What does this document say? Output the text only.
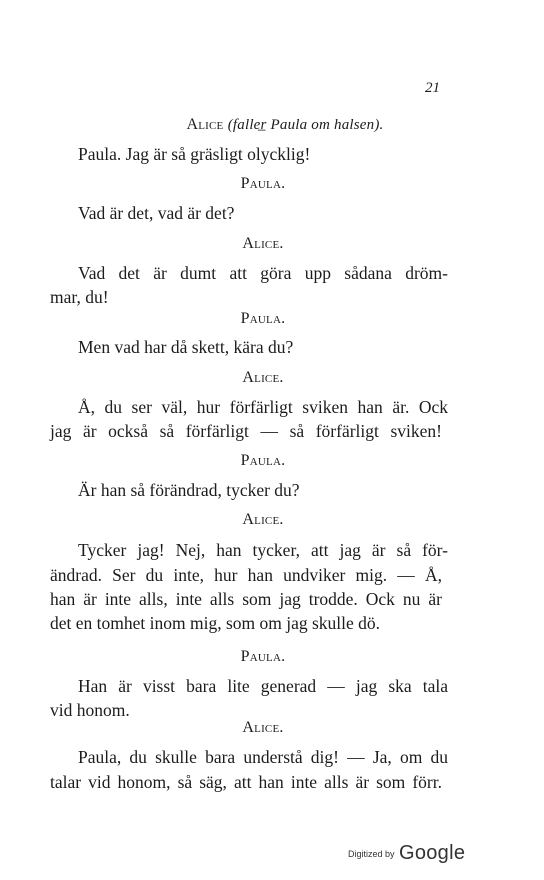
21
Alice (faller̲ Paula om halsen).
Paula. Jag är så gräsligt olycklig!
Paula.
Vad är det, vad är det?
Alice.
Vad det är dumt att göra upp sådana dröm-
mar, du!
Paula.
Men vad har då skett, kära du?
Alice.
Å, du ser väl, hur förfärligt sviken han är. Ock
jag är också så förfärligt — så förfärligt sviken!
Paula.
Är han så förändrad, tycker du?
Alice.
Tycker jag! Nej, han tycker, att jag är så för-
ändrad. Ser du inte, hur han undviker mig. — Å,
han är inte alls, inte alls som jag trodde. Ock nu är
det en tomhet inom mig, som om jag skulle dö.
Paula.
Han är visst bara lite generad — jag ska tala
vid honom.
Alice.
Paula, du skulle bara understå dig! — Ja, om du
talar vid honom, så säg, att han inte alls är som förr.
Digitized by Google
